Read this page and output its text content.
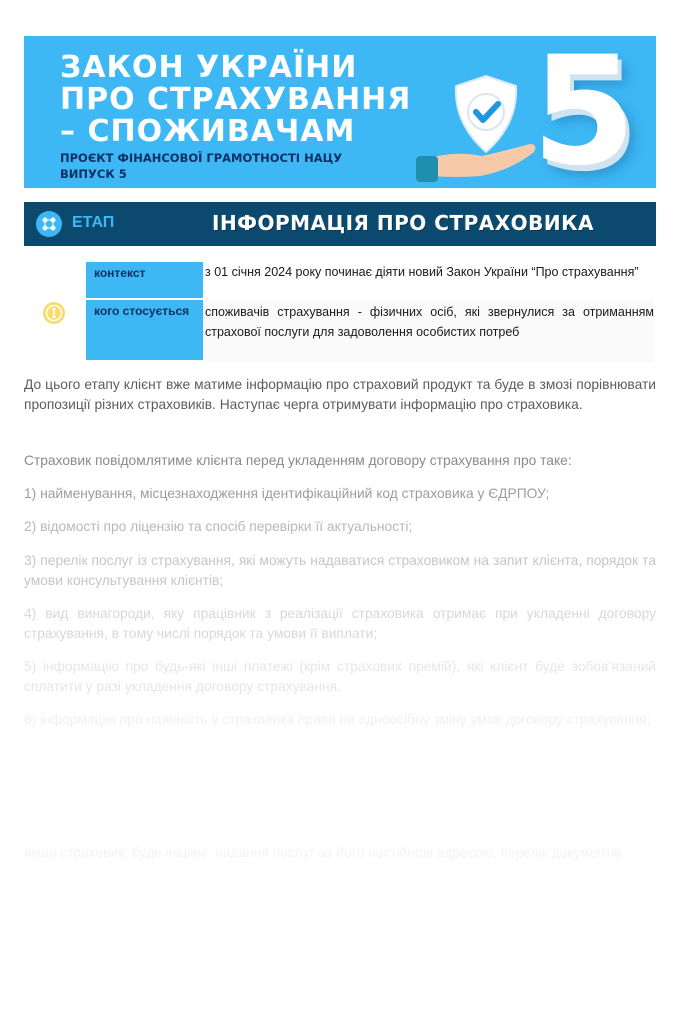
ЗАКОН УКРАЇНИ
ПРО СТРАХУВАННЯ
– СПОЖИВАЧАМ
ПРОЄКТ ФІНАНСОВОЇ ГРАМОТНОСТІ НАЦУ
ВИПУСК 5	5
ЕТАП	ІНФОРМАЦІЯ ПРО СТРАХОВИКА
контекст	з 01 січня 2024 року починає діяти новий Закон України “Про страхування”
кого стосується	споживачів страхування - фізичних осіб, які звернулися за отриманням страхової послуги для задоволення особистих потреб

До цього етапу клієнт вже матиме інформацію про страховий продукт та буде в змозі порівнювати пропозиції різних страховиків. Наступає черга отримувати інформацію про страховика.

Страховик повідомлятиме клієнта перед укладенням договору страхування про таке:

1) найменування, місцезнаходження ідентифікаційний код страховика у ЄДРПОУ;

2) відомості про ліцензію та спосіб перевірки її актуальності;

3) перелік послуг із страхування, які можуть надаватися страховиком на запит клієнта, порядок та умови консультування клієнтів;

4) вид винагороди, яку працівник з реалізації страховика отримає при укладенні договору страхування, в тому числі порядок та умови її виплати;

5) інформацію про будь-які інші платежі (крім страхових премій), які клієнт буде зобов’язаний сплатити у разі укладення договору страхування.

6) інформацію про наявність у страховика права на одноосібну зміну умов договору страхування;

якщо страховик, буде ініціює, надання послуг за його постійною адресою, перелік документів
